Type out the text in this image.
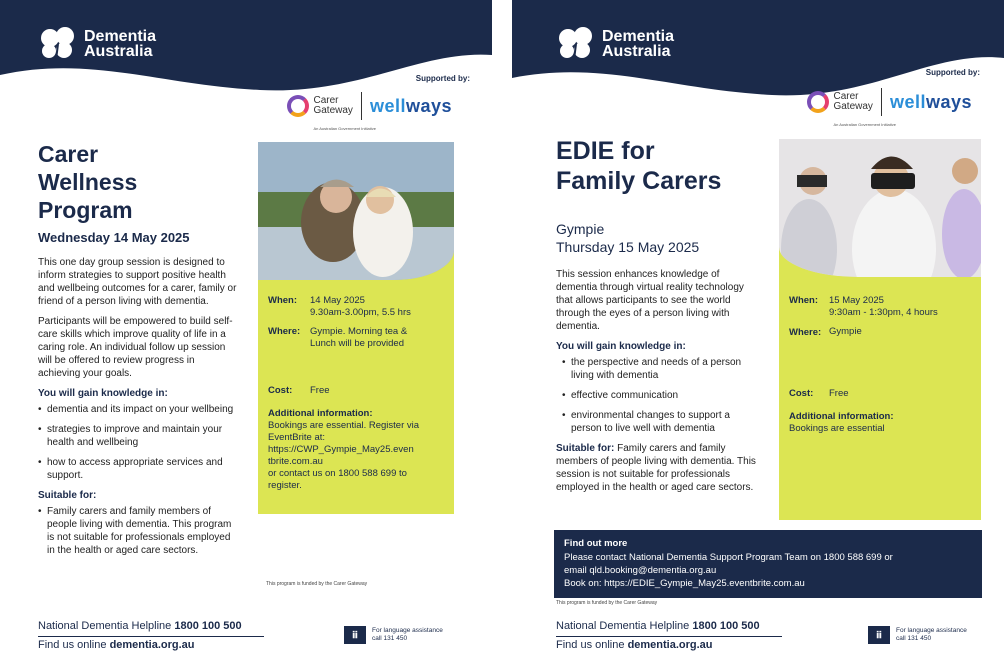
Dementia
Australia
Supported by:
Carer
Gateway
An Australian Government Initiative
wellways
Carer
Wellness
Program
Wednesday 14 May 2025

This one day group session is designed to inform strategies to support positive health and wellbeing outcomes for a carer, family or friend of a person living with dementia.

Participants will be empowered to build self-care skills which improve quality of life in a caring role. An individual follow up session will be offered to review progress in achieving your goals.

You will gain knowledge in:
• dementia and its impact on your wellbeing
• strategies to improve and maintain your health and wellbeing
• how to access appropriate services and support.
Suitable for:
• Family carers and family members of people living with dementia. This program is not suitable for professionals employed in the health or aged care sectors.
When: 14 May 2025
9.30am-3.00pm, 5.5 hrs
Where: Gympie. Morning tea &
Lunch will be provided
Cost: Free
Additional information:
Bookings are essential. Register via
EventBrite at:
https://CWP_Gympie_May25.even
tbrite.com.au
or contact us on 1800 588 699 to
register.
This program is funded by the Carer Gateway
National Dementia Helpline 1800 100 500
Find us online dementia.org.au
ⅲ	For language assistance
call 131 450
Dementia
Australia
Supported by:
Carer
Gateway
An Australian Government Initiative
wellways
EDIE for
Family Carers
Gympie
Thursday 15 May 2025

This session enhances knowledge of dementia through virtual reality technology that allows participants to see the world through the eyes of a person living with dementia.

You will gain knowledge in:
• the perspective and needs of a person living with dementia
• effective communication
• environmental changes to support a person to live well with dementia
Suitable for: Family carers and family members of people living with dementia. This session is not suitable for professionals employed in the health or aged care sectors.
When: 15 May 2025
9:30am - 1:30pm, 4 hours
Where: Gympie
Cost: Free
Additional information:
Bookings are essential
Find out more
Please contact National Dementia Support Program Team on 1800 588 699 or
email qld.booking@dementia.org.au
Book on: https://EDIE_Gympie_May25.eventbrite.com.au
This program is funded by the Carer Gateway
National Dementia Helpline 1800 100 500
Find us online dementia.org.au
ⅲ	For language assistance
call 131 450
